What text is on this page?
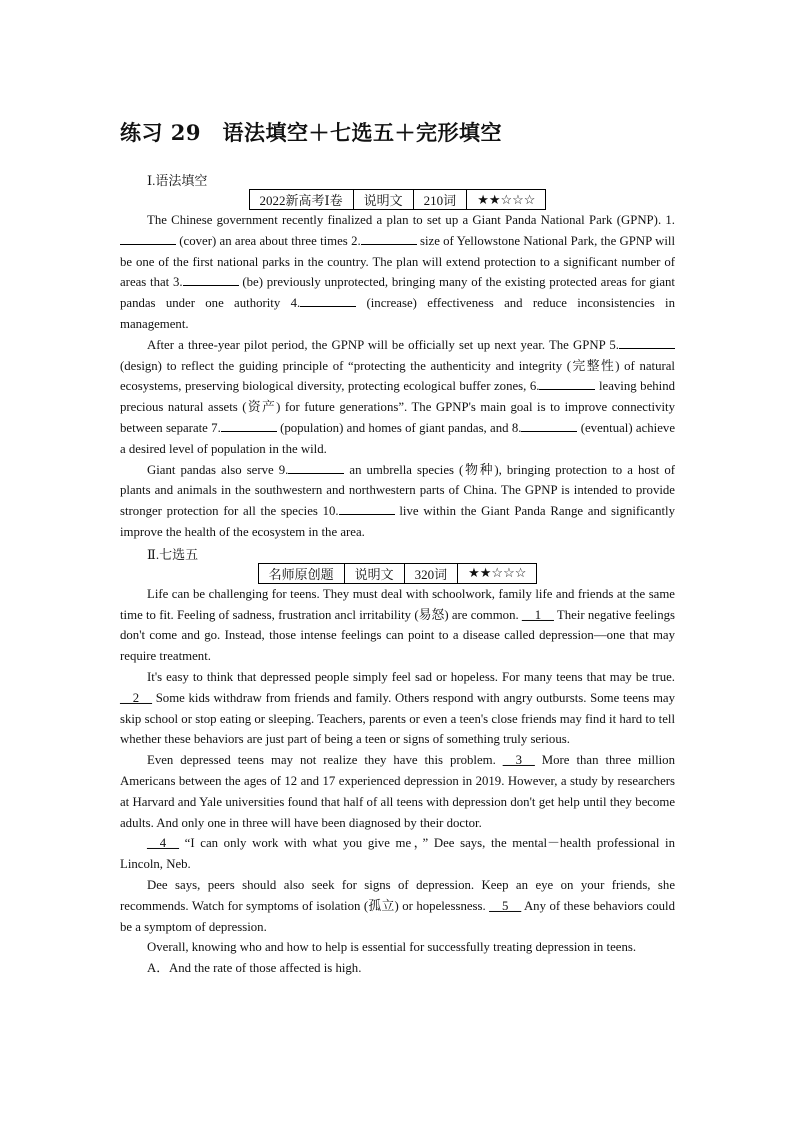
练习 29　语法填空＋七选五＋完形填空
Ⅰ.语法填空
2022新高考Ⅰ卷	说明文	210词	★★☆☆☆

The Chinese government recently finalized a plan to set up a Giant Panda National Park (GPNP). 1. (cover) an area about three times 2.	size of Yellowstone National Park, the GPNP will be one of the first national parks in the country. The plan will extend protection to a significant number of areas that 3.	(be) previously unprotected, bringing many of the existing protected areas for giant pandas under one authority 4.	(increase) effectiveness and reduce inconsistencies in management.

After a three-year pilot period, the GPNP will be officially set up next year. The GPNP 5. (design) to reflect the guiding principle of “protecting the authenticity and integrity (完整性) of natural ecosystems, preserving biological diversity, protecting ecological buffer zones, 6.	leaving behind precious natural assets (资产) for future generations”. The GPNP's main goal is to improve connectivity between separate 7.	(population) and homes of giant pandas, and 8.	(eventual) achieve a desired level of population in the wild.

Giant pandas also serve 9.	an umbrella species (物种), bringing protection to a host of plants and animals in the southwestern and northwestern parts of China. The GPNP is intended to provide stronger protection for all the species 10.	live within the Giant Panda Range and significantly improve the health of the ecosystem in the area.

Ⅱ.七选五
名师原创题	说明文	320词	★★☆☆☆

Life can be challenging for teens. They must deal with schoolwork, family life and friends at the same time to fit. Feeling of sadness, frustration ancl irritability (易怒) are common. __1__ Their negative feelings don't come and go. Instead, those intense feelings can point to a disease called depression—one that may require treatment.

It's easy to think that depressed people simply feel sad or hopeless. For many teens that may be true. __2__ Some kids withdraw from friends and family. Others respond with angry outbursts. Some teens may skip school or stop eating or sleeping. Teachers, parents or even a teen's close friends may find it hard to tell whether these behaviors are just part of being a teen or signs of something truly serious.

Even depressed teens may not realize they have this problem. __3__ More than three million Americans between the ages of 12 and 17 experienced depression in 2019. However, a study by researchers at Harvard and Yale universities found that half of all teens with depression don't get help until they become adults. And only one in three will have been diagnosed by their doctor.

__4__ “I can only work with what you give me，” Dee says, the mental－health professional in Lincoln, Neb.

Dee says, peers should also seek for signs of depression. Keep an eye on your friends, she recommends. Watch for symptoms of isolation (孤立) or hopelessness. __5__ Any of these behaviors could be a symptom of depression.

Overall, knowing who and how to help is essential for successfully treating depression in teens.

A．And the rate of those affected is high.
